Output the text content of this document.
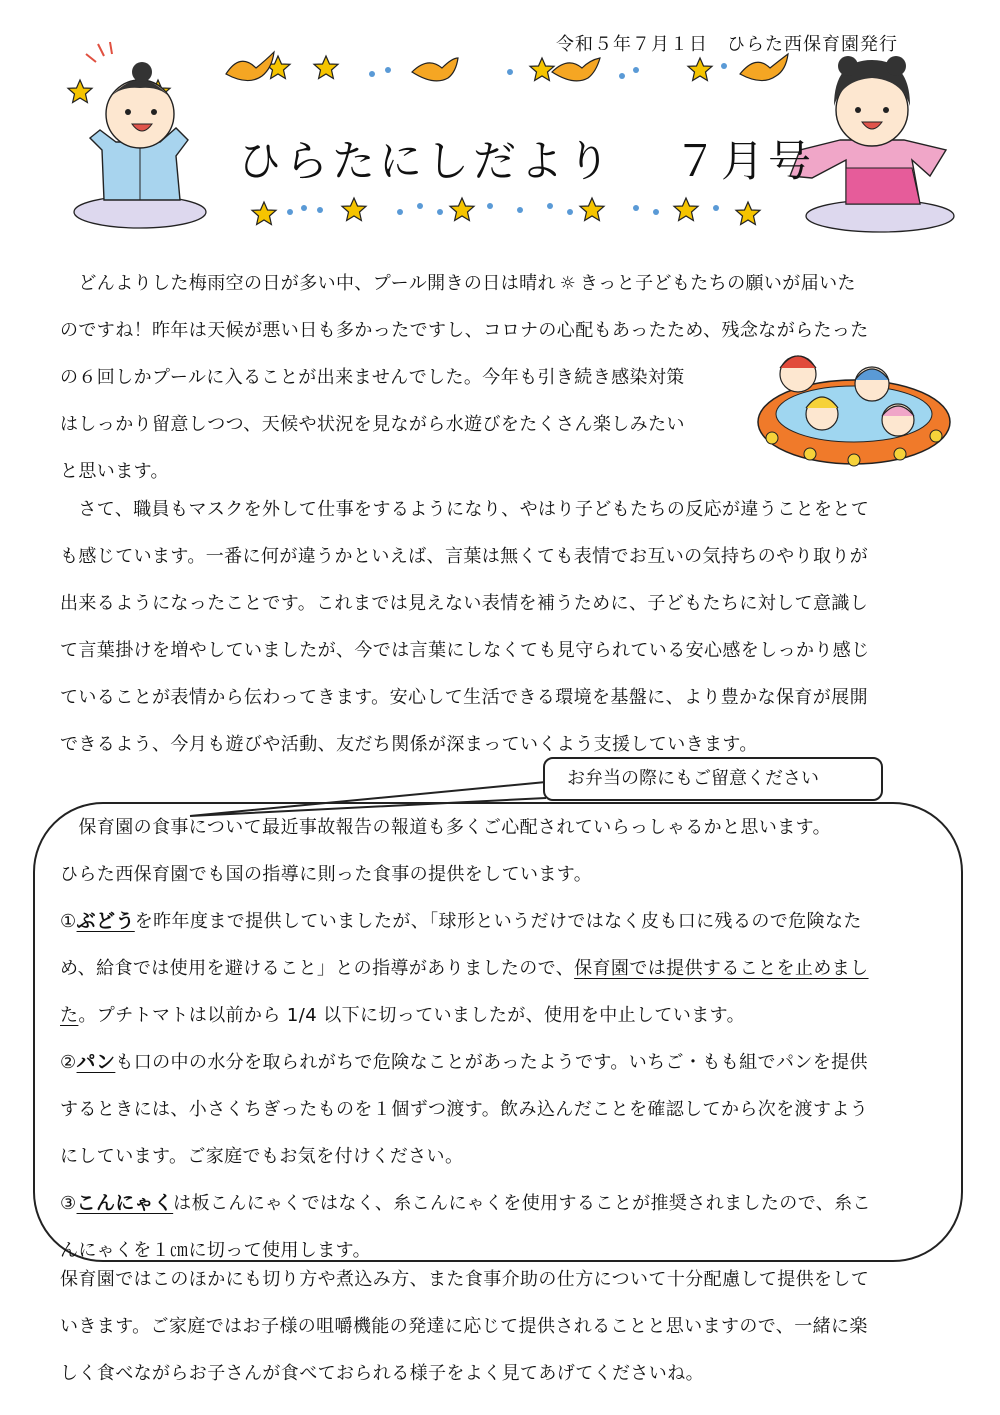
令和５年７月１日　ひらた西保育園発行
ひらたにしだより ７月号
　どんよりした梅雨空の日が多い中、プール開きの日は晴れ ☼ きっと子どもたちの願いが届いた
のですね！昨年は天候が悪い日も多かったですし、コロナの心配もあったため、残念ながらたった
の６回しかプールに入ることが出来ませんでした。今年も引き続き感染対策
はしっかり留意しつつ、天候や状況を見ながら水遊びをたくさん楽しみたい
と思います。
　さて、職員もマスクを外して仕事をするようになり、やはり子どもたちの反応が違うことをとて
も感じています。一番に何が違うかといえば、言葉は無くても表情でお互いの気持ちのやり取りが
出来るようになったことです。これまでは見えない表情を補うために、子どもたちに対して意識し
て言葉掛けを増やしていましたが、今では言葉にしなくても見守られている安心感をしっかり感じ
ていることが表情から伝わってきます。安心して生活できる環境を基盤に、より豊かな保育が展開
できるよう、今月も遊びや活動、友だち関係が深まっていくよう支援していきます。
お弁当の際にもご留意ください
　保育園の食事について最近事故報告の報道も多くご心配されていらっしゃるかと思います。
ひらた西保育園でも国の指導に則った食事の提供をしています。
①ぶどうを昨年度まで提供していましたが、「球形というだけではなく皮も口に残るので危険なた
め、給食では使用を避けること」との指導がありましたので、保育園では提供することを止めまし
た。プチトマトは以前から 1/4 以下に切っていましたが、使用を中止しています。
②パンも口の中の水分を取られがちで危険なことがあったようです。いちご・もも組でパンを提供
するときには、小さくちぎったものを１個ずつ渡す。飲み込んだことを確認してから次を渡すよう
にしています。ご家庭でもお気を付けください。
③こんにゃくは板こんにゃくではなく、糸こんにゃくを使用することが推奨されましたので、糸こ
んにゃくを１㎝に切って使用します。
保育園ではこのほかにも切り方や煮込み方、また食事介助の仕方について十分配慮して提供をして
いきます。ご家庭ではお子様の咀嚼機能の発達に応じて提供されることと思いますので、一緒に楽
しく食べながらお子さんが食べておられる様子をよく見てあげてくださいね。
